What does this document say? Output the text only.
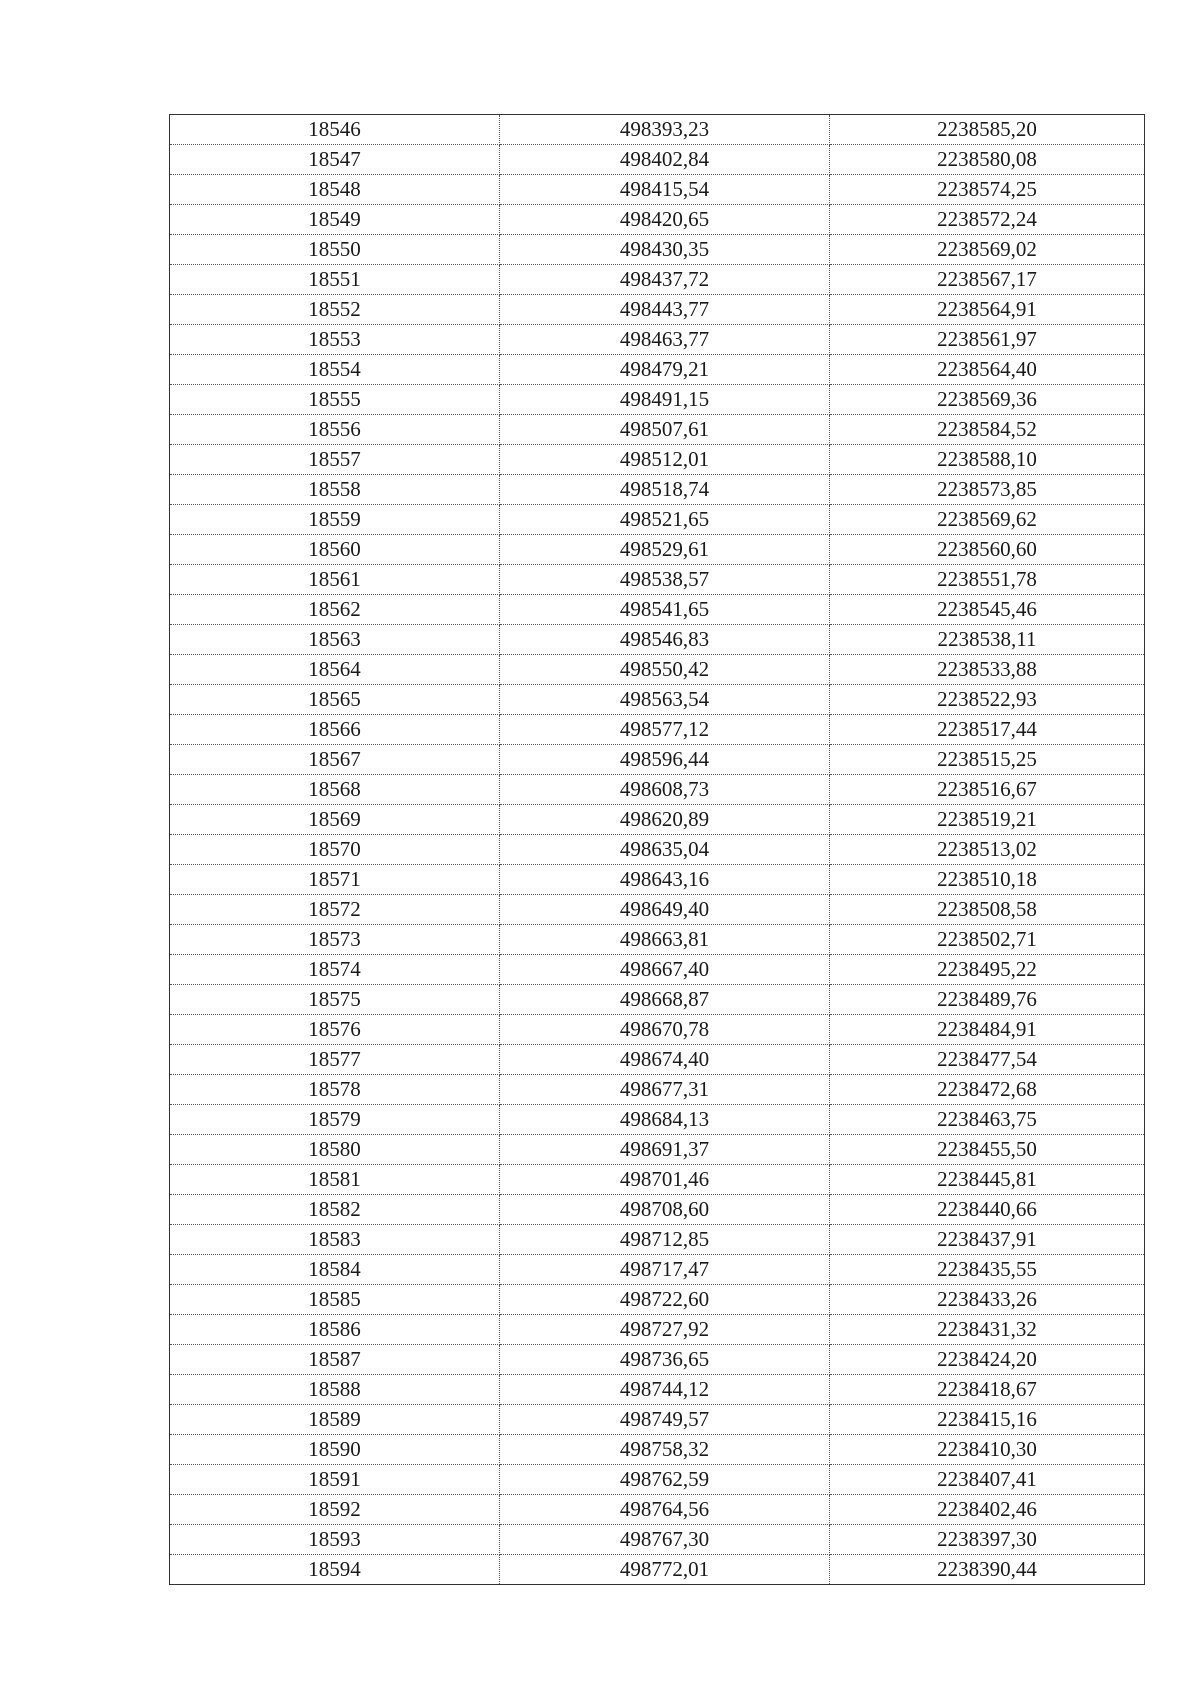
18546	498393,23	2238585,20
18547	498402,84	2238580,08
18548	498415,54	2238574,25
18549	498420,65	2238572,24
18550	498430,35	2238569,02
18551	498437,72	2238567,17
18552	498443,77	2238564,91
18553	498463,77	2238561,97
18554	498479,21	2238564,40
18555	498491,15	2238569,36
18556	498507,61	2238584,52
18557	498512,01	2238588,10
18558	498518,74	2238573,85
18559	498521,65	2238569,62
18560	498529,61	2238560,60
18561	498538,57	2238551,78
18562	498541,65	2238545,46
18563	498546,83	2238538,11
18564	498550,42	2238533,88
18565	498563,54	2238522,93
18566	498577,12	2238517,44
18567	498596,44	2238515,25
18568	498608,73	2238516,67
18569	498620,89	2238519,21
18570	498635,04	2238513,02
18571	498643,16	2238510,18
18572	498649,40	2238508,58
18573	498663,81	2238502,71
18574	498667,40	2238495,22
18575	498668,87	2238489,76
18576	498670,78	2238484,91
18577	498674,40	2238477,54
18578	498677,31	2238472,68
18579	498684,13	2238463,75
18580	498691,37	2238455,50
18581	498701,46	2238445,81
18582	498708,60	2238440,66
18583	498712,85	2238437,91
18584	498717,47	2238435,55
18585	498722,60	2238433,26
18586	498727,92	2238431,32
18587	498736,65	2238424,20
18588	498744,12	2238418,67
18589	498749,57	2238415,16
18590	498758,32	2238410,30
18591	498762,59	2238407,41
18592	498764,56	2238402,46
18593	498767,30	2238397,30
18594	498772,01	2238390,44
